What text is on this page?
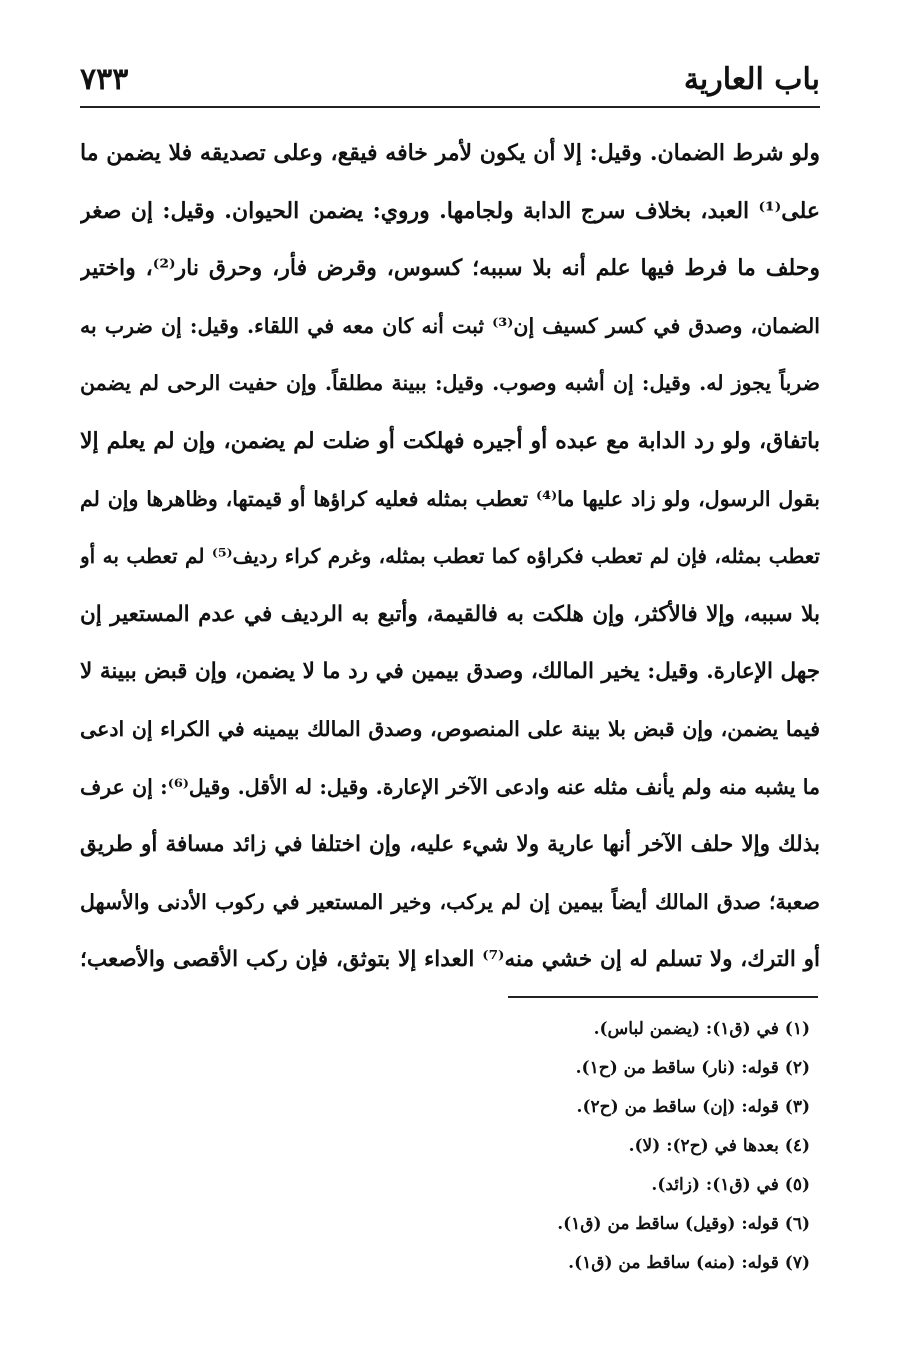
باب العارية
٧٣٣
ولو شرط الضمان. وقيل: إلا أن يكون لأمر خافه فيقع، وعلى تصديقه فلا يضمن ما
على⁽¹⁾ العبد، بخلاف سرج الدابة ولجامها. وروي: يضمن الحيوان. وقيل: إن صغر
وحلف ما فرط فيها علم أنه بلا سببه؛ كسوس، وقرض فأر، وحرق نار⁽²⁾، واختير
الضمان، وصدق في كسر كسيف إن⁽³⁾ ثبت أنه كان معه في اللقاء. وقيل: إن ضرب به
ضرباً يجوز له. وقيل: إن أشبه وصوب. وقيل: ببينة مطلقاً. وإن حفيت الرحى لم يضمن
باتفاق، ولو رد الدابة مع عبده أو أجيره فهلكت أو ضلت لم يضمن، وإن لم يعلم إلا
بقول الرسول، ولو زاد عليها ما⁽⁴⁾ تعطب بمثله فعليه كراؤها أو قيمتها، وظاهرها وإن لم
تعطب بمثله، فإن لم تعطب فكراؤه كما تعطب بمثله، وغرم كراء رديف⁽⁵⁾ لم تعطب به أو
بلا سببه، وإلا فالأكثر، وإن هلكت به فالقيمة، وأتبع به الرديف في عدم المستعير إن
جهل الإعارة. وقيل: يخير المالك، وصدق بيمين في رد ما لا يضمن، وإن قبض ببينة لا
فيما يضمن، وإن قبض بلا بينة على المنصوص، وصدق المالك بيمينه في الكراء إن ادعى
ما يشبه منه ولم يأنف مثله عنه وادعى الآخر الإعارة. وقيل: له الأقل. وقيل⁽⁶⁾: إن عرف
بذلك وإلا حلف الآخر أنها عارية ولا شيء عليه، وإن اختلفا في زائد مسافة أو طريق
صعبة؛ صدق المالك أيضاً بيمين إن لم يركب، وخير المستعير في ركوب الأدنى والأسهل
أو الترك، ولا تسلم له إن خشي منه⁽⁷⁾ العداء إلا بتوثق، فإن ركب الأقصى والأصعب؛
(١) في (ق١): (يضمن لباس).
(٢) قوله: (نار) ساقط من (ح١).
(٣) قوله: (إن) ساقط من (ح٢).
(٤) بعدها في (ح٢): (لا).
(٥) في (ق١): (زائد).
(٦) قوله: (وقيل) ساقط من (ق١).
(٧) قوله: (منه) ساقط من (ق١).
